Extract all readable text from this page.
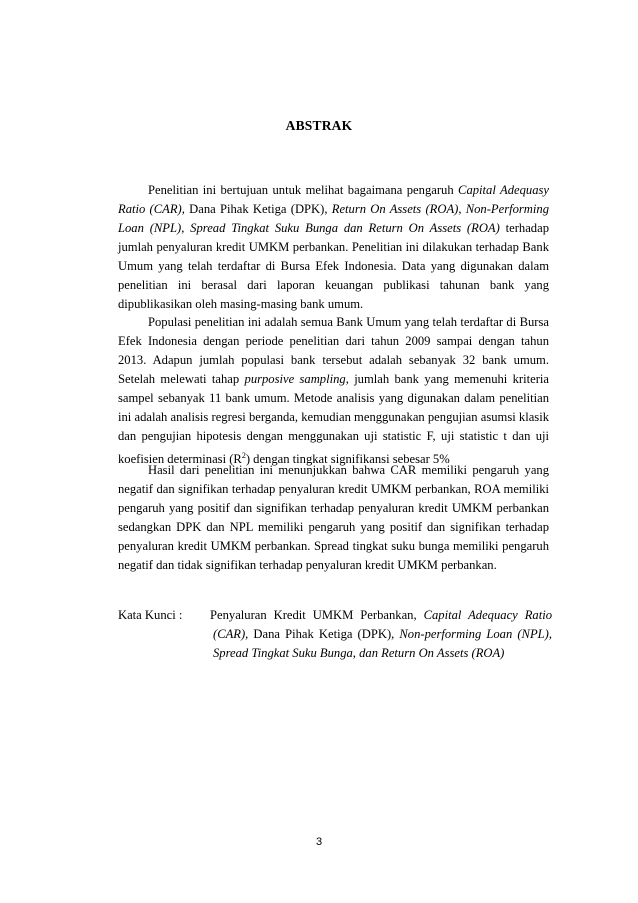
ABSTRAK

Penelitian ini bertujuan untuk melihat bagaimana pengaruh Capital Adequasy Ratio (CAR), Dana Pihak Ketiga (DPK), Return On Assets (ROA), Non-Performing Loan (NPL), Spread Tingkat Suku Bunga dan Return On Assets (ROA) terhadap jumlah penyaluran kredit UMKM perbankan. Penelitian ini dilakukan terhadap Bank Umum yang telah terdaftar di Bursa Efek Indonesia. Data yang digunakan dalam penelitian ini berasal dari laporan keuangan publikasi tahunan bank yang dipublikasikan oleh masing-masing bank umum.

Populasi penelitian ini adalah semua Bank Umum yang telah terdaftar di Bursa Efek Indonesia dengan periode penelitian dari tahun 2009 sampai dengan tahun 2013. Adapun jumlah populasi bank tersebut adalah sebanyak 32 bank umum. Setelah melewati tahap purposive sampling, jumlah bank yang memenuhi kriteria sampel sebanyak 11 bank umum. Metode analisis yang digunakan dalam penelitian ini adalah analisis regresi berganda, kemudian menggunakan pengujian asumsi klasik dan pengujian hipotesis dengan menggunakan uji statistic F, uji statistic t dan uji koefisien determinasi $(R^2)$ dengan tingkat signifikansi sebesar 5%

Hasil dari penelitian ini menunjukkan bahwa CAR memiliki pengaruh yang negatif dan signifikan terhadap penyaluran kredit UMKM perbankan, ROA memiliki pengaruh yang positif dan signifikan terhadap penyaluran kredit UMKM perbankan sedangkan DPK dan NPL memiliki pengaruh yang positif dan signifikan terhadap penyaluran kredit UMKM perbankan. Spread tingkat suku bunga memiliki pengaruh negatif dan tidak signifikan terhadap penyaluran kredit UMKM perbankan.

Kata Kunci :	Penyaluran Kredit UMKM Perbankan, Capital Adequacy Ratio (CAR), Dana Pihak Ketiga (DPK), Non-performing Loan (NPL), Spread Tingkat Suku Bunga, dan Return On Assets (ROA)
3
